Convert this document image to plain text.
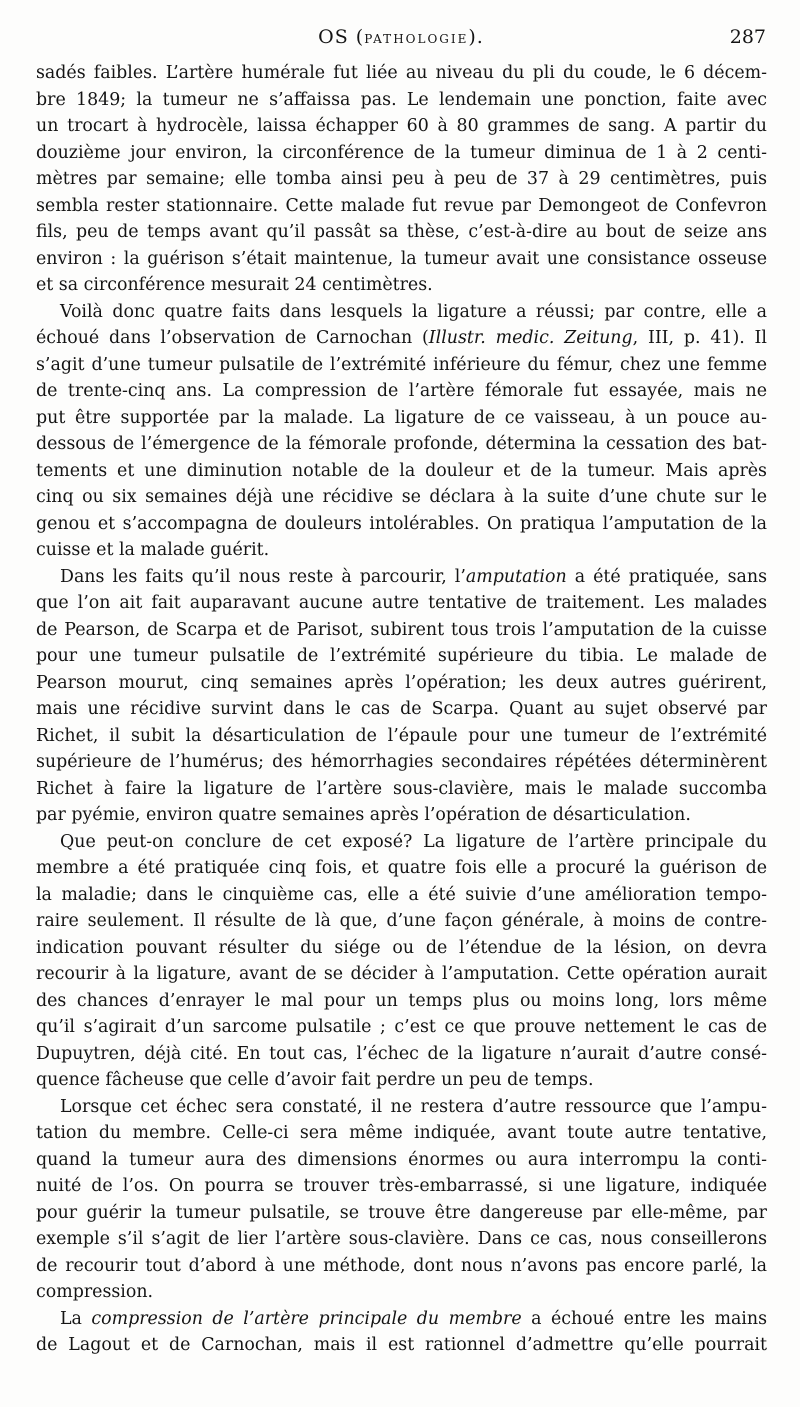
OS (PATHOLOGIE).	287
sadés faibles. L’artère humérale fut liée au niveau du pli du coude, le 6 décem-
bre 1849; la tumeur ne s’affaissa pas. Le lendemain une ponction, faite avec
un trocart à hydrocèle, laissa échapper 60 à 80 grammes de sang. A partir du
douzième jour environ, la circonférence de la tumeur diminua de 1 à 2 centi-
mètres par semaine; elle tomba ainsi peu à peu de 37 à 29 centimètres, puis
sembla rester stationnaire. Cette malade fut revue par Demongeot de Confevron
fils, peu de temps avant qu’il passât sa thèse, c’est-à-dire au bout de seize ans
environ : la guérison s’était maintenue, la tumeur avait une consistance osseuse
et sa circonférence mesurait 24 centimètres.
Voilà donc quatre faits dans lesquels la ligature a réussi; par contre, elle a
échoué dans l’observation de Carnochan (Illustr. medic. Zeitung, III, p. 41). Il
s’agit d’une tumeur pulsatile de l’extrémité inférieure du fémur, chez une femme
de trente-cinq ans. La compression de l’artère fémorale fut essayée, mais ne
put être supportée par la malade. La ligature de ce vaisseau, à un pouce au-
dessous de l’émergence de la fémorale profonde, détermina la cessation des bat-
tements et une diminution notable de la douleur et de la tumeur. Mais après
cinq ou six semaines déjà une récidive se déclara à la suite d’une chute sur le
genou et s’accompagna de douleurs intolérables. On pratiqua l’amputation de la
cuisse et la malade guérit.
Dans les faits qu’il nous reste à parcourir, l’amputation a été pratiquée, sans
que l’on ait fait auparavant aucune autre tentative de traitement. Les malades
de Pearson, de Scarpa et de Parisot, subirent tous trois l’amputation de la cuisse
pour une tumeur pulsatile de l’extrémité supérieure du tibia. Le malade de
Pearson mourut, cinq semaines après l’opération; les deux autres guérirent,
mais une récidive survint dans le cas de Scarpa. Quant au sujet observé par
Richet, il subit la désarticulation de l’épaule pour une tumeur de l’extrémité
supérieure de l’humérus; des hémorrhagies secondaires répétées déterminèrent
Richet à faire la ligature de l’artère sous-clavière, mais le malade succomba
par pyémie, environ quatre semaines après l’opération de désarticulation.
Que peut-on conclure de cet exposé? La ligature de l’artère principale du
membre a été pratiquée cinq fois, et quatre fois elle a procuré la guérison de
la maladie; dans le cinquième cas, elle a été suivie d’une amélioration tempo-
raire seulement. Il résulte de là que, d’une façon générale, à moins de contre-
indication pouvant résulter du siége ou de l’étendue de la lésion, on devra
recourir à la ligature, avant de se décider à l’amputation. Cette opération aurait
des chances d’enrayer le mal pour un temps plus ou moins long, lors même
qu’il s’agirait d’un sarcome pulsatile ; c’est ce que prouve nettement le cas de
Dupuytren, déjà cité. En tout cas, l’échec de la ligature n’aurait d’autre consé-
quence fâcheuse que celle d’avoir fait perdre un peu de temps.
Lorsque cet échec sera constaté, il ne restera d’autre ressource que l’ampu-
tation du membre. Celle-ci sera même indiquée, avant toute autre tentative,
quand la tumeur aura des dimensions énormes ou aura interrompu la conti-
nuité de l’os. On pourra se trouver très-embarrassé, si une ligature, indiquée
pour guérir la tumeur pulsatile, se trouve être dangereuse par elle-même, par
exemple s’il s’agit de lier l’artère sous-clavière. Dans ce cas, nous conseillerons
de recourir tout d’abord à une méthode, dont nous n’avons pas encore parlé, la
compression.
La compression de l’artère principale du membre a échoué entre les mains
de Lagout et de Carnochan, mais il est rationnel d’admettre qu’elle pourrait
